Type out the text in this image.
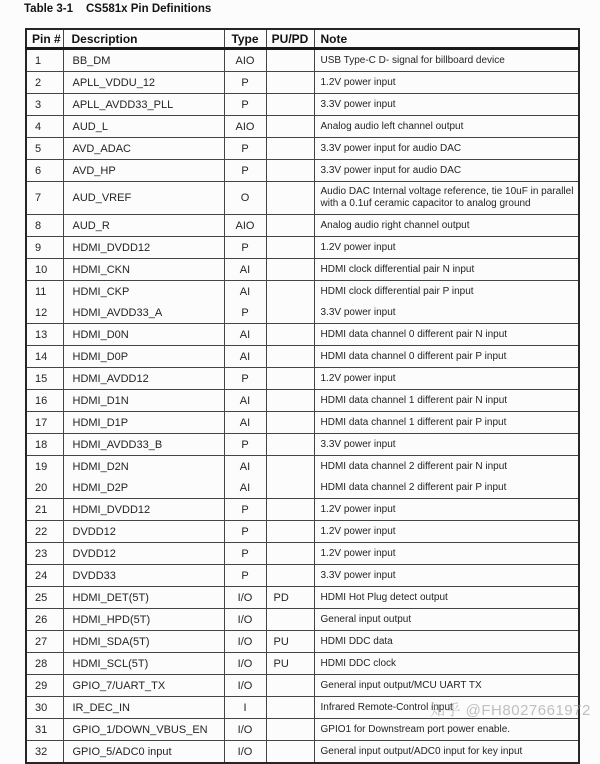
Table 3-1 CS581x Pin Definitions
Pin #	Description	Type	PU/PD	Note
1	BB_DM	AIO		USB Type-C D- signal for billboard device
2	APLL_VDDU_12	P		1.2V power input
3	APLL_AVDD33_PLL	P		3.3V power input
4	AUD_L	AIO		Analog audio left channel output
5	AVD_ADAC	P		3.3V power input for audio DAC
6	AVD_HP	P		3.3V power input for audio DAC
7	AUD_VREF	O		Audio DAC Internal voltage reference, tie 10uF in parallel with a 0.1uf ceramic capacitor to analog ground
8	AUD_R	AIO		Analog audio right channel output
9	HDMI_DVDD12	P		1.2V power input
10	HDMI_CKN	AI		HDMI clock differential pair N input
11	HDMI_CKP	AI		HDMI clock differential pair P input
12	HDMI_AVDD33_A	P		3.3V power input
13	HDMI_D0N	AI		HDMI data channel 0 different pair N input
14	HDMI_D0P	AI		HDMI data channel 0 different pair P input
15	HDMI_AVDD12	P		1.2V power input
16	HDMI_D1N	AI		HDMI data channel 1 different pair N input
17	HDMI_D1P	AI		HDMI data channel 1 different pair P input
18	HDMI_AVDD33_B	P		3.3V power input
19	HDMI_D2N	AI		HDMI data channel 2 different pair N input
20	HDMI_D2P	AI		HDMI data channel 2 different pair P input
21	HDMI_DVDD12	P		1.2V power input
22	DVDD12	P		1.2V power input
23	DVDD12	P		1.2V power input
24	DVDD33	P		3.3V power input
25	HDMI_DET(5T)	I/O	PD	HDMI Hot Plug detect output
26	HDMI_HPD(5T)	I/O		General input output
27	HDMI_SDA(5T)	I/O	PU	HDMI DDC data
28	HDMI_SCL(5T)	I/O	PU	HDMI DDC clock
29	GPIO_7/UART_TX	I/O		General input output/MCU UART TX
30	IR_DEC_IN	I		Infrared Remote-Control input
31	GPIO_1/DOWN_VBUS_EN	I/O		GPIO1 for Downstream port power enable.
32	GPIO_5/ADC0 input	I/O		General input output/ADC0 input for key input
知乎 @FH8027661972
